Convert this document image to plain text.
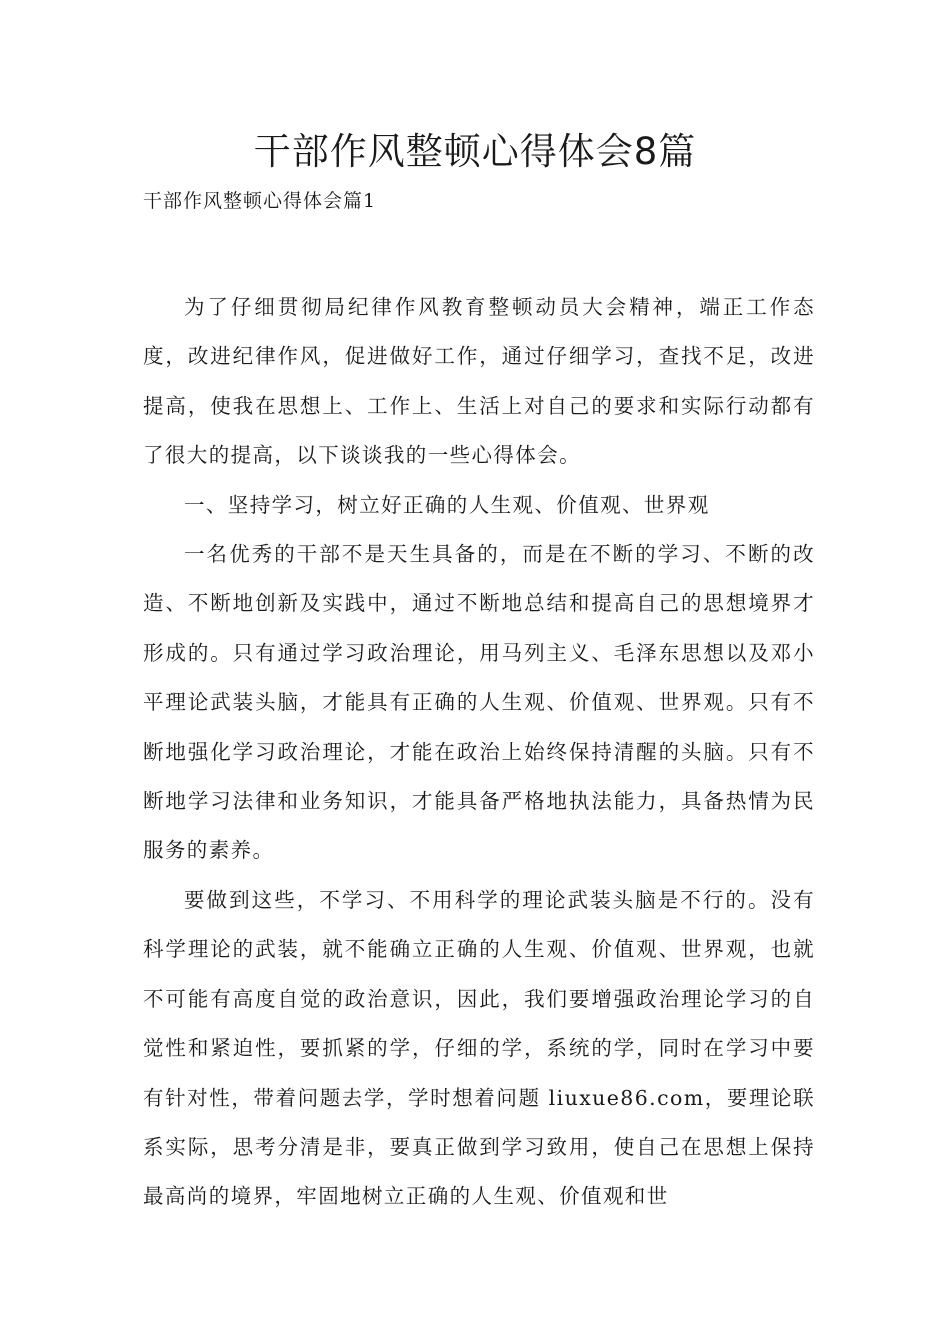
干部作风整顿心得体会8篇
干部作风整顿心得体会篇1

为了仔细贯彻局纪律作风教育整顿动员大会精神，端正工作态度，改进纪律作风，促进做好工作，通过仔细学习，查找不足，改进提高，使我在思想上、工作上、生活上对自己的要求和实际行动都有了很大的提高，以下谈谈我的一些心得体会。

一、坚持学习，树立好正确的人生观、价值观、世界观

一名优秀的干部不是天生具备的，而是在不断的学习、不断的改造、不断地创新及实践中，通过不断地总结和提高自己的思想境界才形成的。只有通过学习政治理论，用马列主义、毛泽东思想以及邓小平理论武装头脑，才能具有正确的人生观、价值观、世界观。只有不断地强化学习政治理论，才能在政治上始终保持清醒的头脑。只有不断地学习法律和业务知识，才能具备严格地执法能力，具备热情为民服务的素养。

要做到这些，不学习、不用科学的理论武装头脑是不行的。没有科学理论的武装，就不能确立正确的人生观、价值观、世界观，也就不可能有高度自觉的政治意识，因此，我们要增强政治理论学习的自觉性和紧迫性，要抓紧的学，仔细的学，系统的学，同时在学习中要有针对性，带着问题去学，学时想着问题 liuxue86.com，要理论联系实际，思考分清是非，要真正做到学习致用，使自己在思想上保持最高尚的境界，牢固地树立正确的人生观、价值观和世
